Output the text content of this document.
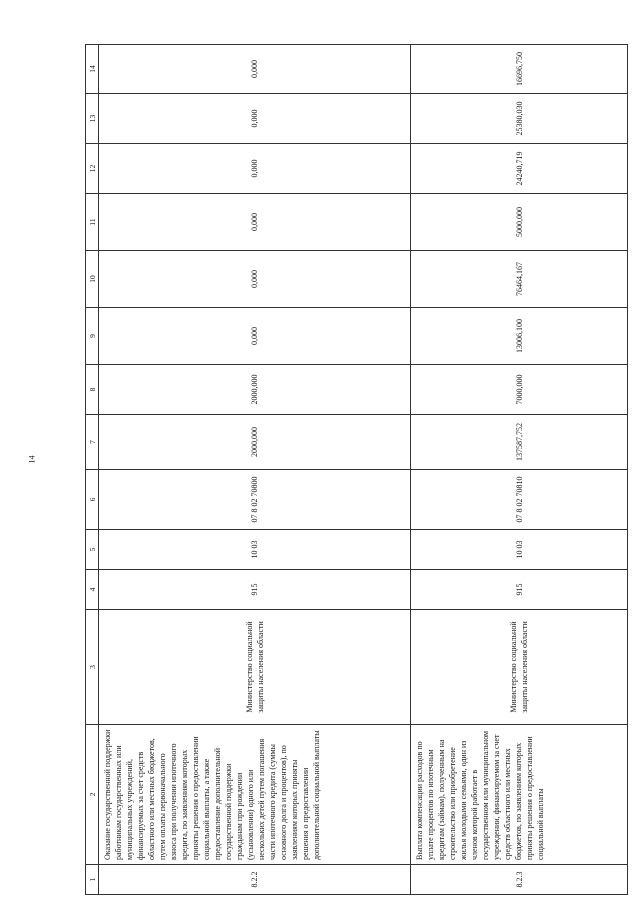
14
1	2	3	4	5	6	7	8	9	10	11	12	13	14
8.2.2	Оказание государственной поддержки работникам государственных или муниципальных учреждений, финансируемых за счет средств областного или местных бюджетов, путем оплаты первоначального взноса при получении ипотечного кредита, по заявлениям которых приняты решения о предоставлении социальной выплаты, а также предоставление дополнительной государственной поддержки гражданам при рождении (усыновлении) одного или нескольких детей путем погашения части ипотечного кредита (суммы основного долга и процентов), по заявлениям которых приняты решения о предоставлении дополнительной социальной выплаты	Министерство социальной защиты населения области	915	10 03	07 8 02 70800	2000,000	2000,000	0,000	0,000	0,000	0,000	0,000	0,000
8.2.3	Выплата компенсации расходов по уплате процентов по ипотечным кредитам (займам), полученным на строительство или приобретение жилья молодыми семьями, один из членов которой работает в государственном или муниципальном учреждении, финансируемом за счет средств областного или местных бюджетов, по заявлениям которых приняты решения о предоставлении социальной выплаты	Министерство социальной защиты населения области	915	10 03	07 8 02 70810	137587,752	7000,000	13006,100	76464,167	5000,000	24240,719	25380,030	16696,750
